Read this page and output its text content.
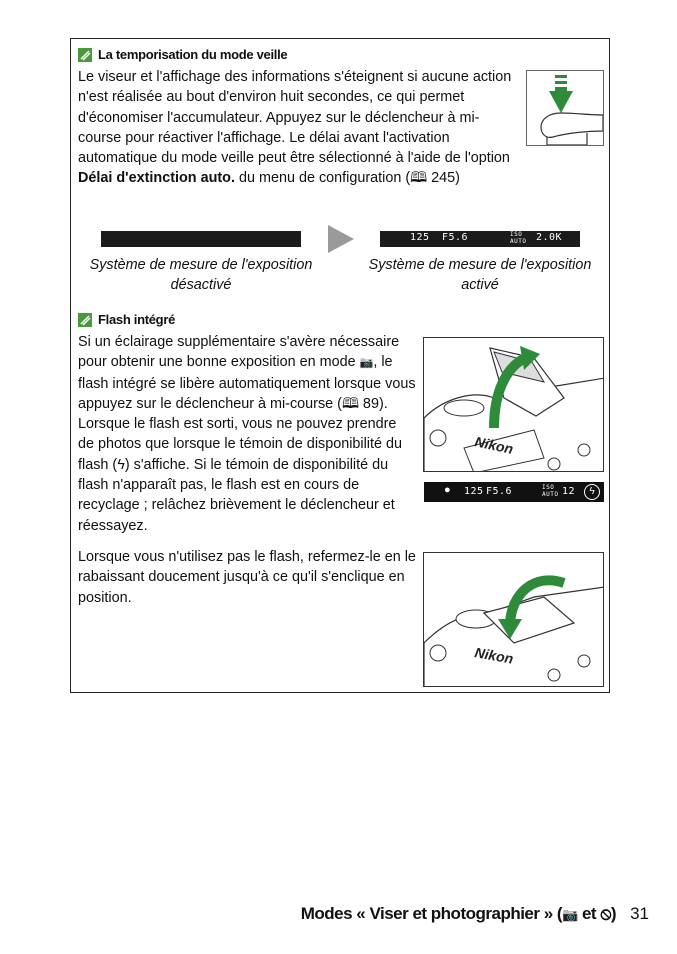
La temporisation du mode veille

Le viseur et l'affichage des informations s'éteignent si aucune action n'est réalisée au bout d'environ huit secondes, ce qui permet d'économiser l'accumulateur. Appuyez sur le déclencheur à mi-course pour réactiver l'affichage. Le délai avant l'activation automatique du mode veille peut être sélectionné à l'aide de l'option Délai d'extinction auto. du menu de configuration (🕮 245)

125 F5.6	ISO
AUTO 2.0K
Système de mesure de l'exposition désactivé
Système de mesure de l'exposition activé
Flash intégré

Si un éclairage supplémentaire s'avère nécessaire pour obtenir une bonne exposition en mode 📷, le flash intégré se libère automatiquement lorsque vous appuyez sur le déclencheur à mi-course (🕮 89). Lorsque le flash est sorti, vous ne pouvez prendre de photos que lorsque le témoin de disponibilité du flash (ϟ) s'affiche. Si le témoin de disponibilité du flash n'apparaît pas, le flash est en cours de recyclage ; relâchez brièvement le déclencheur et réessayez.

Nikon
● 125 F5.6	ISO
AUTO 12	ϟ

Lorsque vous n'utilisez pas le flash, refermez-le en le rabaissant doucement jusqu'à ce qu'il s'enclique en position.

Nikon
Modes « Viser et photographier » (📷 et ⦸) 31
